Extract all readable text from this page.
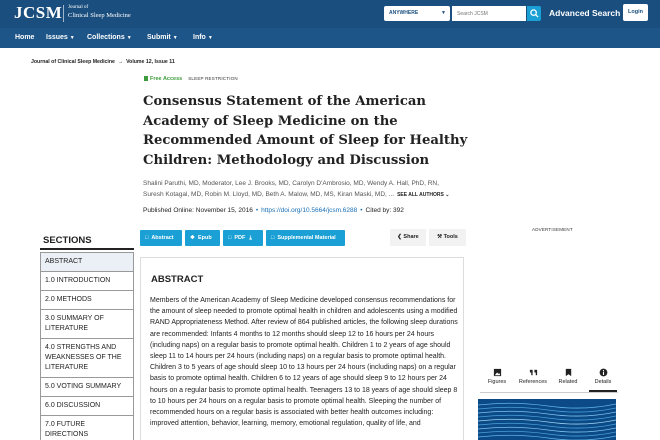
JCSM Journal of
Clinical Sleep Medicine	ANYWHERE	▼
Search JCSM	Advanced Search	Login
Home Issues ▼ Collections ▼ Submit ▼ Info ▼
Journal of Clinical Sleep Medicine → Volume 12, Issue 11
Free Access SLEEP RESTRICTION
Consensus Statement of the American Academy of Sleep Medicine on the Recommended Amount of Sleep for Healthy Children: Methodology and Discussion
Shalini Paruthi, MD, Moderator, Lee J. Brooks, MD, Carolyn D'Ambrosio, MD, Wendy A. Hall, PhD, RN, Suresh Kotagal, MD, Robin M. Lloyd, MD, Beth A. Malow, MD, MS, Kiran Maski, MD, ... SEE ALL AUTHORS ⌄
Published Online: November 15, 2016 • https://doi.org/10.5664/jcsm.6288 • Cited by: 392
SECTIONS
ABSTRACT
1.0 INTRODUCTION
2.0 METHODS
3.0 SUMMARY OF LITERATURE
4.0 STRENGTHS AND WEAKNESSES OF THE LITERATURE
5.0 VOTING SUMMARY
6.0 DISCUSSION
7.0 FUTURE DIRECTIONS
□ Abstract	❖ Epub	□ PDF ⤓	□ Supplemental Material	❮ Share	⚒ Tools
ADVERTISEMENT
ABSTRACT

Members of the American Academy of Sleep Medicine developed consensus recommendations for the amount of sleep needed to promote optimal health in children and adolescents using a modified RAND Appropriateness Method. After review of 864 published articles, the following sleep durations are recommended: Infants 4 months to 12 months should sleep 12 to 16 hours per 24 hours (including naps) on a regular basis to promote optimal health. Children 1 to 2 years of age should sleep 11 to 14 hours per 24 hours (including naps) on a regular basis to promote optimal health. Children 3 to 5 years of age should sleep 10 to 13 hours per 24 hours (including naps) on a regular basis to promote optimal health. Children 6 to 12 years of age should sleep 9 to 12 hours per 24 hours on a regular basis to promote optimal health. Teenagers 13 to 18 years of age should sleep 8 to 10 hours per 24 hours on a regular basis to promote optimal health. Sleeping the number of recommended hours on a regular basis is associated with better health outcomes including: improved attention, behavior, learning, memory, emotional regulation, quality of life, and

Figures	References	Related	Details
